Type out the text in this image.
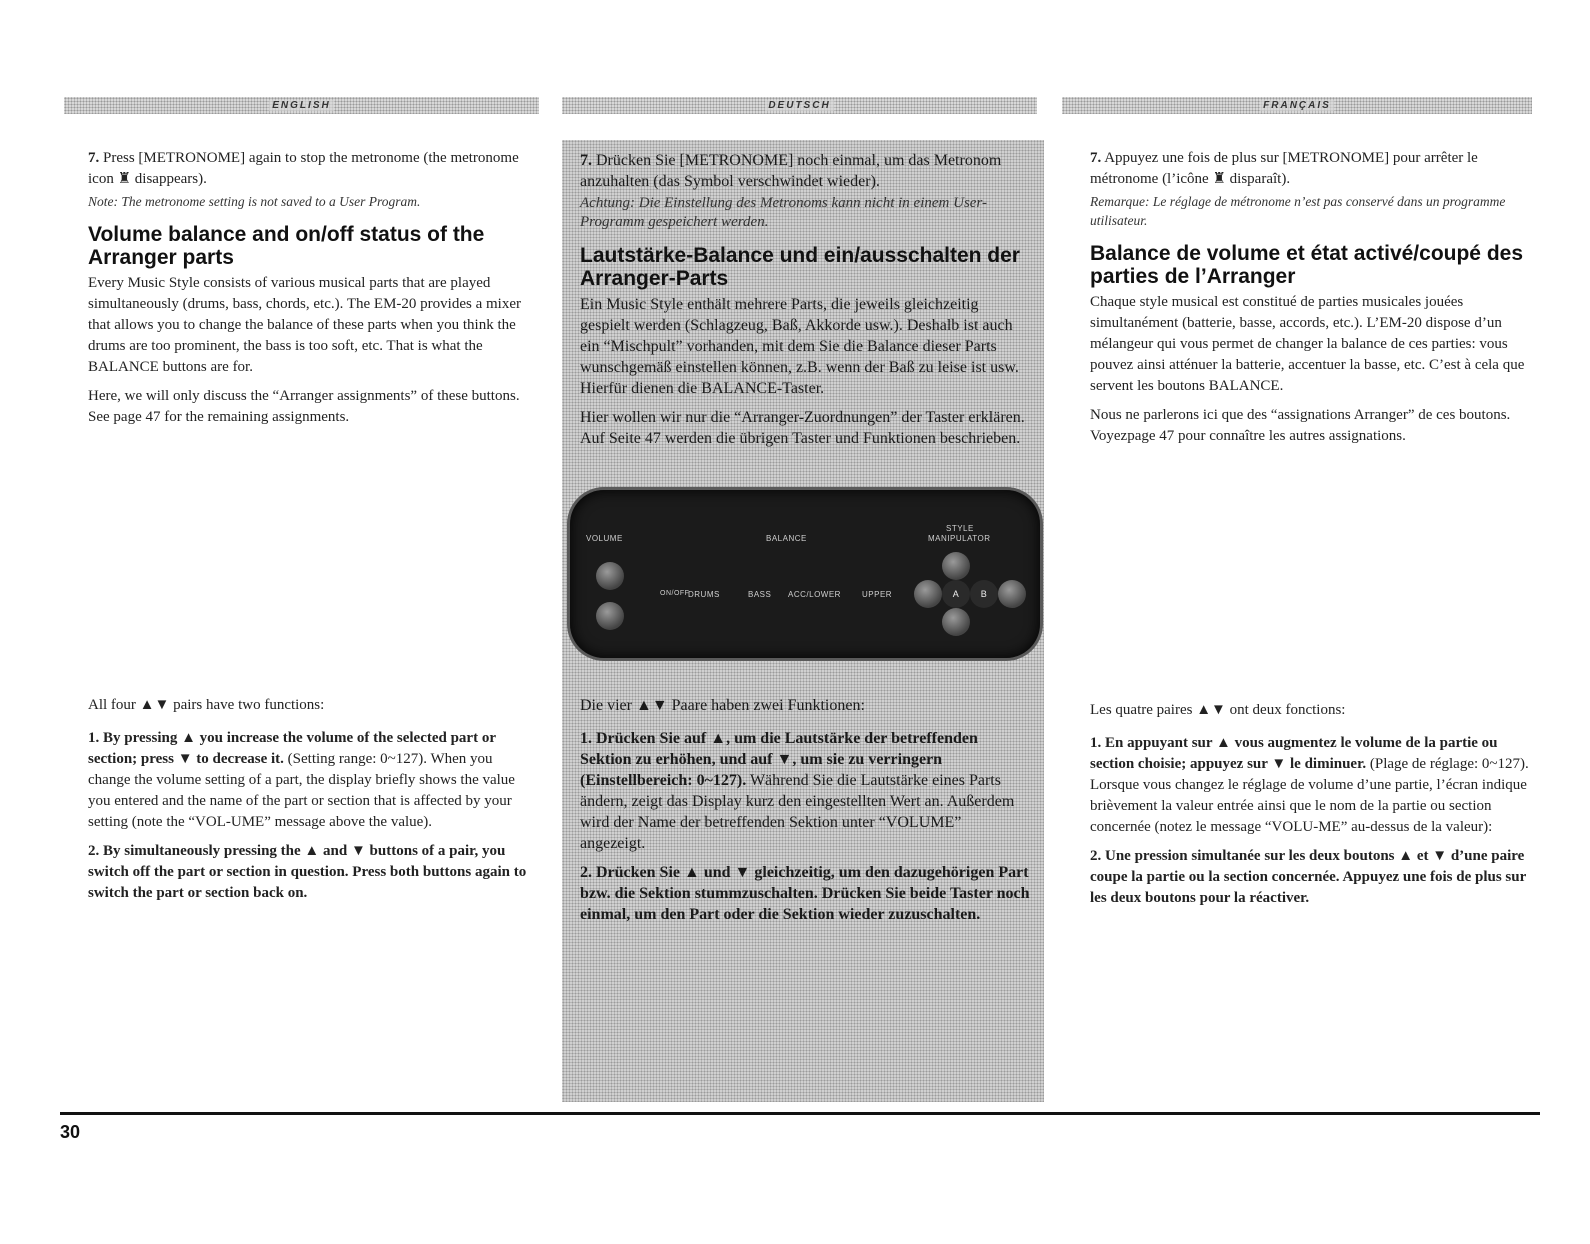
ENGLISH	DEUTSCH	FRANÇAIS

7. Press [METRONOME] again to stop the metronome (the metronome icon ♜ disappears).

Note: The metronome setting is not saved to a User Program.

Volume balance and on/off status of the Arranger parts

Every Music Style consists of various musical parts that are played simultaneously (drums, bass, chords, etc.). The EM-20 provides a mixer that allows you to change the balance of these parts when you think the drums are too prominent, the bass is too soft, etc. That is what the BALANCE buttons are for.

Here, we will only discuss the “Arranger assignments” of these buttons. See page 47 for the remaining assignments.

All four ▲▼ pairs have two functions:

1. By pressing ▲ you increase the volume of the selected part or section; press ▼ to decrease it. (Setting range: 0~127). When you change the volume setting of a part, the display briefly shows the value you entered and the name of the part or section that is affected by your setting (note the “VOL-UME” message above the value).

2. By simultaneously pressing the ▲ and ▼ buttons of a pair, you switch off the part or section in question. Press both buttons again to switch the part or section back on.

7. Drücken Sie [METRONOME] noch einmal, um das Metronom anzuhalten (das Symbol verschwindet wieder).

Achtung: Die Einstellung des Metronoms kann nicht in einem User-Programm gespeichert werden.

Lautstärke-Balance und ein/ausschalten der Arranger-Parts

Ein Music Style enthält mehrere Parts, die jeweils gleichzeitig gespielt werden (Schlagzeug, Baß, Akkorde usw.). Deshalb ist auch ein “Mischpult” vorhanden, mit dem Sie die Balance dieser Parts wunschgemäß einstellen können, z.B. wenn der Baß zu leise ist usw. Hierfür dienen die BALANCE-Taster.

Hier wollen wir nur die “Arranger-Zuordnungen” der Taster erklären. Auf Seite 47 werden die übrigen Taster und Funktionen beschrieben.

Die vier ▲▼ Paare haben zwei Funktionen:

1. Drücken Sie auf ▲, um die Lautstärke der betreffenden Sektion zu erhöhen, und auf ▼, um sie zu verringern (Einstellbereich: 0~127). Während Sie die Lautstärke eines Parts ändern, zeigt das Display kurz den eingestellten Wert an. Außerdem wird der Name der betreffenden Sektion unter “VOLUME” angezeigt.

2. Drücken Sie ▲ und ▼ gleichzeitig, um den dazugehörigen Part bzw. die Sektion stummzuschalten. Drücken Sie beide Taster noch einmal, um den Part oder die Sektion wieder zuzuschalten.

VOLUME	BALANCE
STYLE
MANIPULATOR
ON/OFF
DRUMS	BASS ACC/LOWER	UPPER	A	B

7. Appuyez une fois de plus sur [METRONOME] pour arrêter le métronome (l’icône ♜ disparaît).

Remarque: Le réglage de métronome n’est pas conservé dans un programme utilisateur.

Balance de volume et état activé/coupé des parties de l’Arranger

Chaque style musical est constitué de parties musicales jouées simultanément (batterie, basse, accords, etc.). L’EM-20 dispose d’un mélangeur qui vous permet de changer la balance de ces parties: vous pouvez ainsi atténuer la batterie, accentuer la basse, etc. C’est à cela que servent les boutons BALANCE.

Nous ne parlerons ici que des “assignations Arranger” de ces boutons. Voyezpage 47 pour connaître les autres assignations.

Les quatre paires ▲▼ ont deux fonctions:

1. En appuyant sur ▲ vous augmentez le volume de la partie ou section choisie; appuyez sur ▼ le diminuer. (Plage de réglage: 0~127). Lorsque vous changez le réglage de volume d’une partie, l’écran indique brièvement la valeur entrée ainsi que le nom de la partie ou section concernée (notez le message “VOLU-ME” au-dessus de la valeur):

2. Une pression simultanée sur les deux boutons ▲ et ▼ d’une paire coupe la partie ou la section concernée. Appuyez une fois de plus sur les deux boutons pour la réactiver.

30
